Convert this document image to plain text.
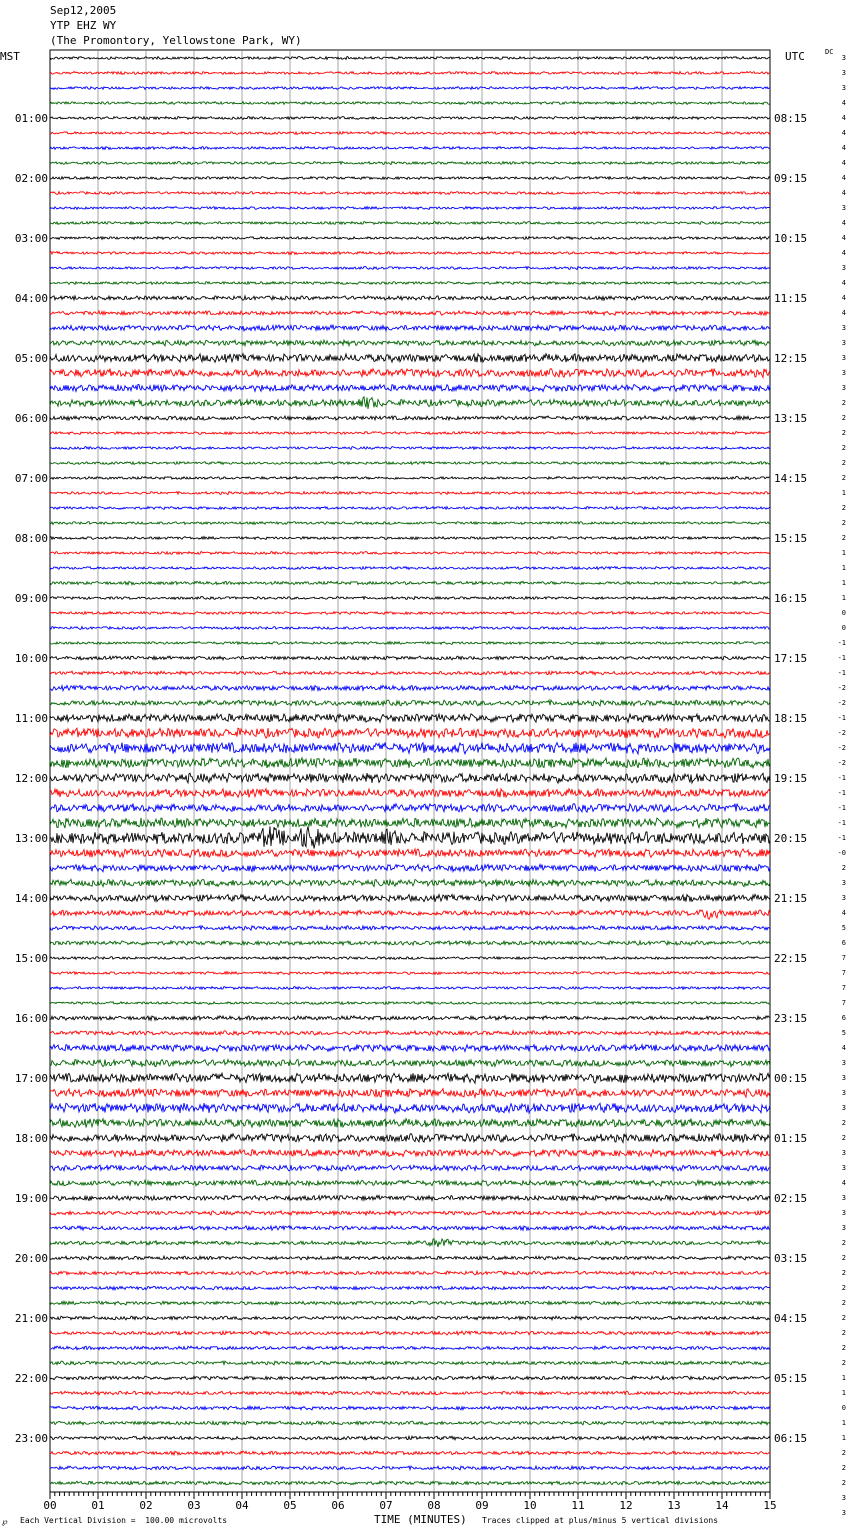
00	01	02	03	04	05	06	07	08	09	10	11	12	13	14	15
01:00
02:00
03:00
04:00
05:00
06:00
07:00
08:00
09:00
10:00
11:00
12:00
13:00
14:00
15:00
16:00
17:00
18:00
19:00
20:00
21:00
22:00
23:00
08:15
09:15
10:15
11:15
12:15
13:15
14:15
15:15
16:15
17:15
18:15
19:15
20:15
21:15
22:15
23:15
00:15
01:15
02:15
03:15
04:15
05:15
06:15
3
3
3
4
4
4
4
4
4
4
3
4
4
4
3
4
4
4
3
3
3
3
3
2
2
2
2
2
2
1
2
2
2
1
1
1
1
0
0
-1
-1
-1
-2
-2
-1
-2
-2
-2
-1
-1
-1
-1
-1
-0
2
3
3
4
5
6
7
7
7
7
6
5
4
3
3
3
3
2
2
3
3
4
3
3
3
2
2
2
2
2
2
2
2
2
1
1
0
1
1
2
2
2
3
3
Sep12,2005
YTP EHZ WY
(The Promontory, Yellowstone Park, WY)
MST	UTC	DC
℘ Each Vertical Division =  100.00 microvolts	TIME (MINUTES) Traces clipped at plus/minus 5 vertical divisions
